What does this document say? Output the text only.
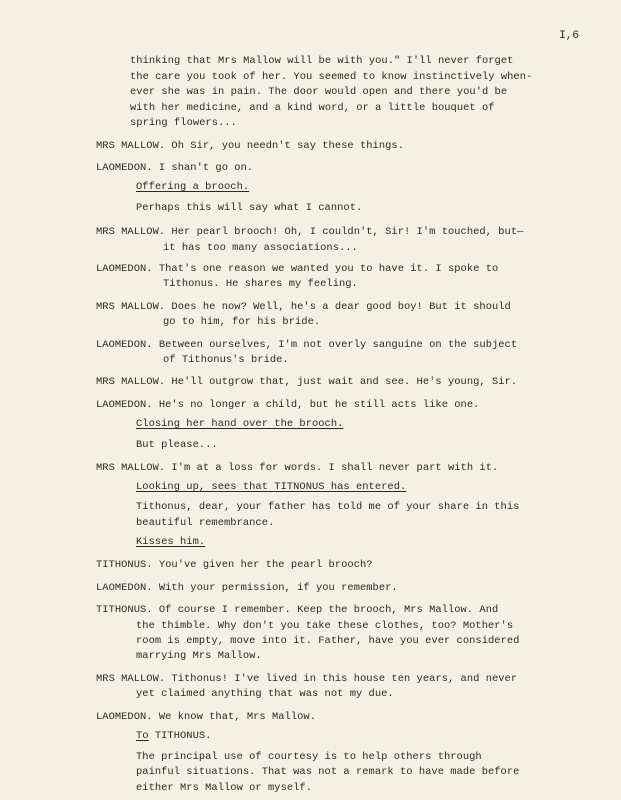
I,6
thinking that Mrs Mallow will be with you." I'll never forget
the care you took of her. You seemed to know instinctively when-
ever she was in pain. The door would open and there you'd be
with her medicine, and a kind word, or a little bouquet of
spring flowers...
MRS MALLOW. Oh Sir, you needn't say these things.
LAOMEDON. I shan't go on.
Offering a brooch.
Perhaps this will say what I cannot.
MRS MALLOW. Her pearl brooch! Oh, I couldn't, Sir! I'm touched, but—
it has too many associations...
LAOMEDON. That's one reason we wanted you to have it. I spoke to
Tithonus. He shares my feeling.
MRS MALLOW. Does he now? Well, he's a dear good boy! But it should
go to him, for his bride.
LAOMEDON. Between ourselves, I'm not overly sanguine on the subject
of Tithonus's bride.
MRS MALLOW. He'll outgrow that, just wait and see. He's young, Sir.
LAOMEDON. He's no longer a child, but he still acts like one.
Closing her hand over the brooch.
But please...
MRS MALLOW. I'm at a loss for words. I shall never part with it.
Looking up, sees that TITNONUS has entered.
Tithonus, dear, your father has told me of your share in this
beautiful remembrance.
Kisses him.
TITHONUS. You've given her the pearl brooch?
LAOMEDON. With your permission, if you remember.
TITHONUS. Of course I remember. Keep the brooch, Mrs Mallow. And
the thimble. Why don't you take these clothes, too? Mother's
room is empty, move into it. Father, have you ever considered
marrying Mrs Mallow.
MRS MALLOW. Tithonus! I've lived in this house ten years, and never
yet claimed anything that was not my due.
LAOMEDON. We know that, Mrs Mallow.
To TITHONUS.
The principal use of courtesy is to help others through
painful situations. That was not a remark to have made before
either Mrs Mallow or myself.
